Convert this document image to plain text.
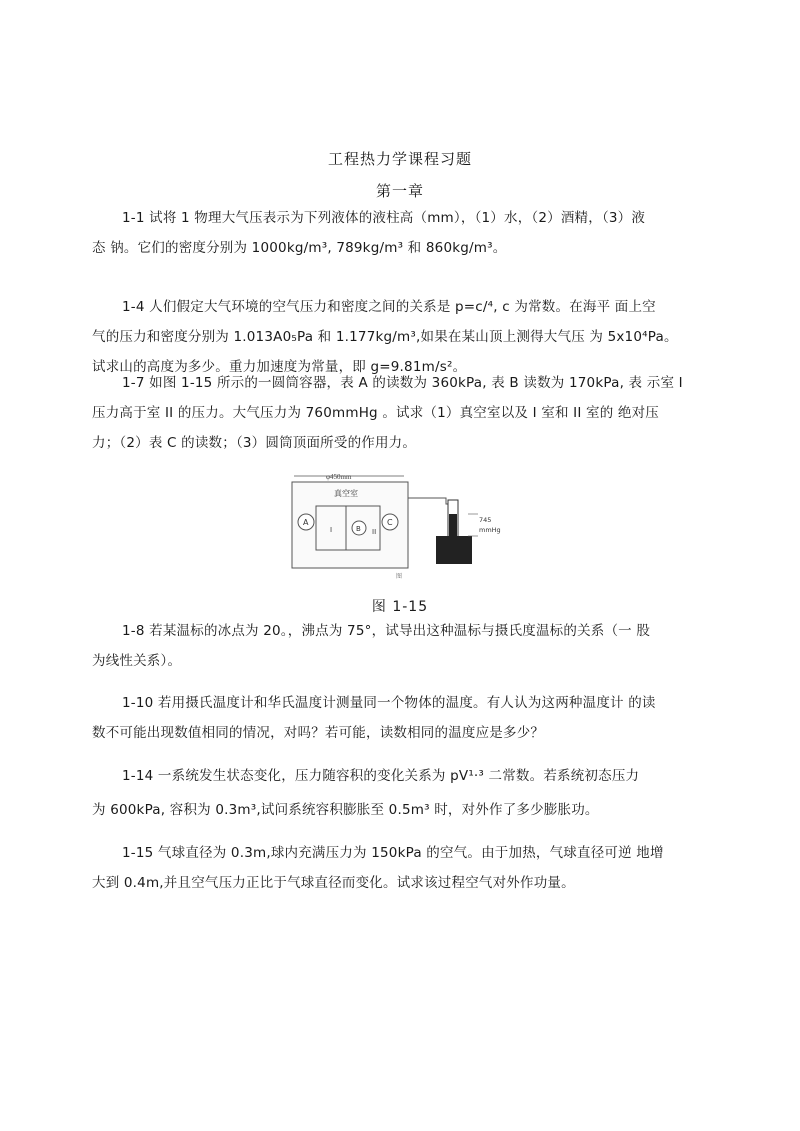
工程热力学课程习题
第一章

1-1 试将 1 物理大气压表示为下列液体的液柱高（mm），（1）水，（2）酒精，（3）液
态 钠。它们的密度分别为 1000kg/m³, 789kg/m³ 和 860kg/m³。

1-4 人们假定大气环境的空气压力和密度之间的关系是 p=c/⁴, c 为常数。在海平 面上空
气的压力和密度分别为 1.013A0₅Pa 和 1.177kg/m³,如果在某山顶上测得大气压 为 5x10⁴Pa。
试求山的高度为多少。重力加速度为常量，即 g=9.81m/s²。

1-7 如图 1-15 所示的一圆筒容器，表 A 的读数为 360kPa, 表 B 读数为 170kPa, 表 示室 I
压力高于室 II 的压力。大气压力为 760mmHg 。试求（1）真空室以及 I 室和 II 室的 绝对压
力；（2）表 C 的读数；（3）圆筒顶面所受的作用力。

φ450mm
真空室
I	II
A
B
C	745
mmHg
图
图 1-15

1-8 若某温标的冰点为 20。，沸点为 75°，试导出这种温标与摄氏度温标的关系（一 股
为线性关系）。

1-10 若用摄氏温度计和华氏温度计测量同一个物体的温度。有人认为这两种温度计 的读
数不可能出现数值相同的情况，对吗？若可能，读数相同的温度应是多少？

1-14 一系统发生状态变化，压力随容积的变化关系为 pV¹·³ 二常数。若系统初态压力
为 600kPa, 容积为 0.3m³,试问系统容积膨胀至 0.5m³ 时，对外作了多少膨胀功。

1-15 气球直径为 0.3m,球内充满压力为 150kPa 的空气。由于加热，气球直径可逆 地增
大到 0.4m,并且空气压力正比于气球直径而变化。试求该过程空气对外作功量。
